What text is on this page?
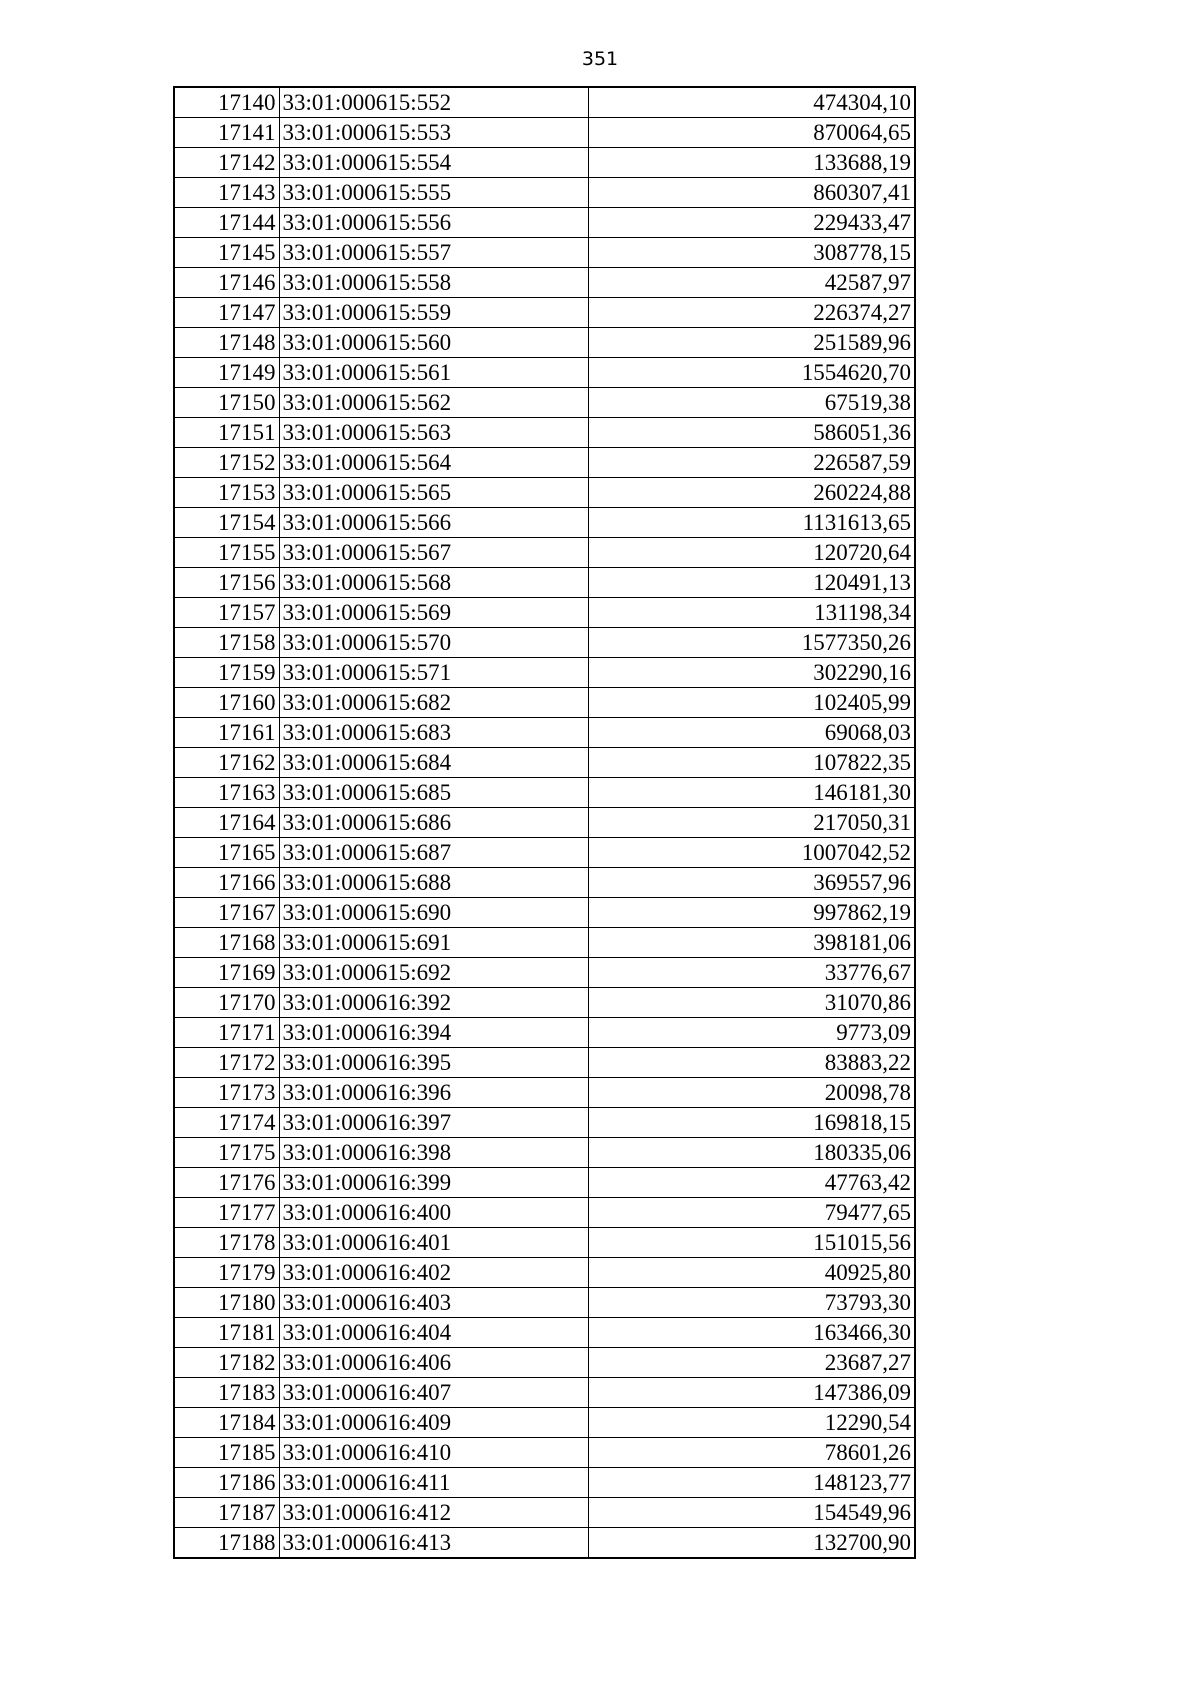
351
17140	33:01:000615:552	474304,10
17141	33:01:000615:553	870064,65
17142	33:01:000615:554	133688,19
17143	33:01:000615:555	860307,41
17144	33:01:000615:556	229433,47
17145	33:01:000615:557	308778,15
17146	33:01:000615:558	42587,97
17147	33:01:000615:559	226374,27
17148	33:01:000615:560	251589,96
17149	33:01:000615:561	1554620,70
17150	33:01:000615:562	67519,38
17151	33:01:000615:563	586051,36
17152	33:01:000615:564	226587,59
17153	33:01:000615:565	260224,88
17154	33:01:000615:566	1131613,65
17155	33:01:000615:567	120720,64
17156	33:01:000615:568	120491,13
17157	33:01:000615:569	131198,34
17158	33:01:000615:570	1577350,26
17159	33:01:000615:571	302290,16
17160	33:01:000615:682	102405,99
17161	33:01:000615:683	69068,03
17162	33:01:000615:684	107822,35
17163	33:01:000615:685	146181,30
17164	33:01:000615:686	217050,31
17165	33:01:000615:687	1007042,52
17166	33:01:000615:688	369557,96
17167	33:01:000615:690	997862,19
17168	33:01:000615:691	398181,06
17169	33:01:000615:692	33776,67
17170	33:01:000616:392	31070,86
17171	33:01:000616:394	9773,09
17172	33:01:000616:395	83883,22
17173	33:01:000616:396	20098,78
17174	33:01:000616:397	169818,15
17175	33:01:000616:398	180335,06
17176	33:01:000616:399	47763,42
17177	33:01:000616:400	79477,65
17178	33:01:000616:401	151015,56
17179	33:01:000616:402	40925,80
17180	33:01:000616:403	73793,30
17181	33:01:000616:404	163466,30
17182	33:01:000616:406	23687,27
17183	33:01:000616:407	147386,09
17184	33:01:000616:409	12290,54
17185	33:01:000616:410	78601,26
17186	33:01:000616:411	148123,77
17187	33:01:000616:412	154549,96
17188	33:01:000616:413	132700,90
